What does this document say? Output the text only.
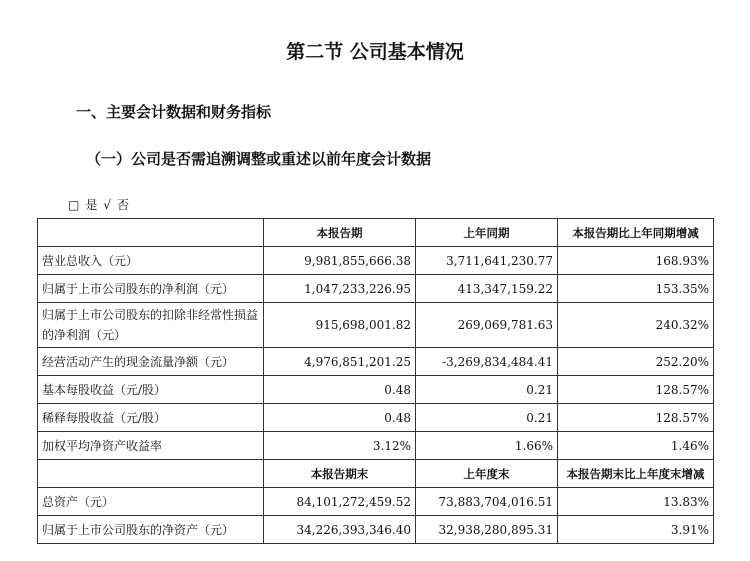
第二节 公司基本情况
一、主要会计数据和财务指标
（一）公司是否需追溯调整或重述以前年度会计数据
□ 是 √ 否
	本报告期	上年同期	本报告期比上年同期增减
营业总收入（元）	9,981,855,666.38	3,711,641,230.77	168.93%
归属于上市公司股东的净利润（元）	1,047,233,226.95	413,347,159.22	153.35%
归属于上市公司股东的扣除非经常性损益的净利润（元）	915,698,001.82	269,069,781.63	240.32%
经营活动产生的现金流量净额（元）	4,976,851,201.25	-3,269,834,484.41	252.20%
基本每股收益（元/股）	0.48	0.21	128.57%
稀释每股收益（元/股）	0.48	0.21	128.57%
加权平均净资产收益率	3.12%	1.66%	1.46%
	本报告期末	上年度末	本报告期末比上年度末增减
总资产（元）	84,101,272,459.52	73,883,704,016.51	13.83%
归属于上市公司股东的净资产（元）	34,226,393,346.40	32,938,280,895.31	3.91%
